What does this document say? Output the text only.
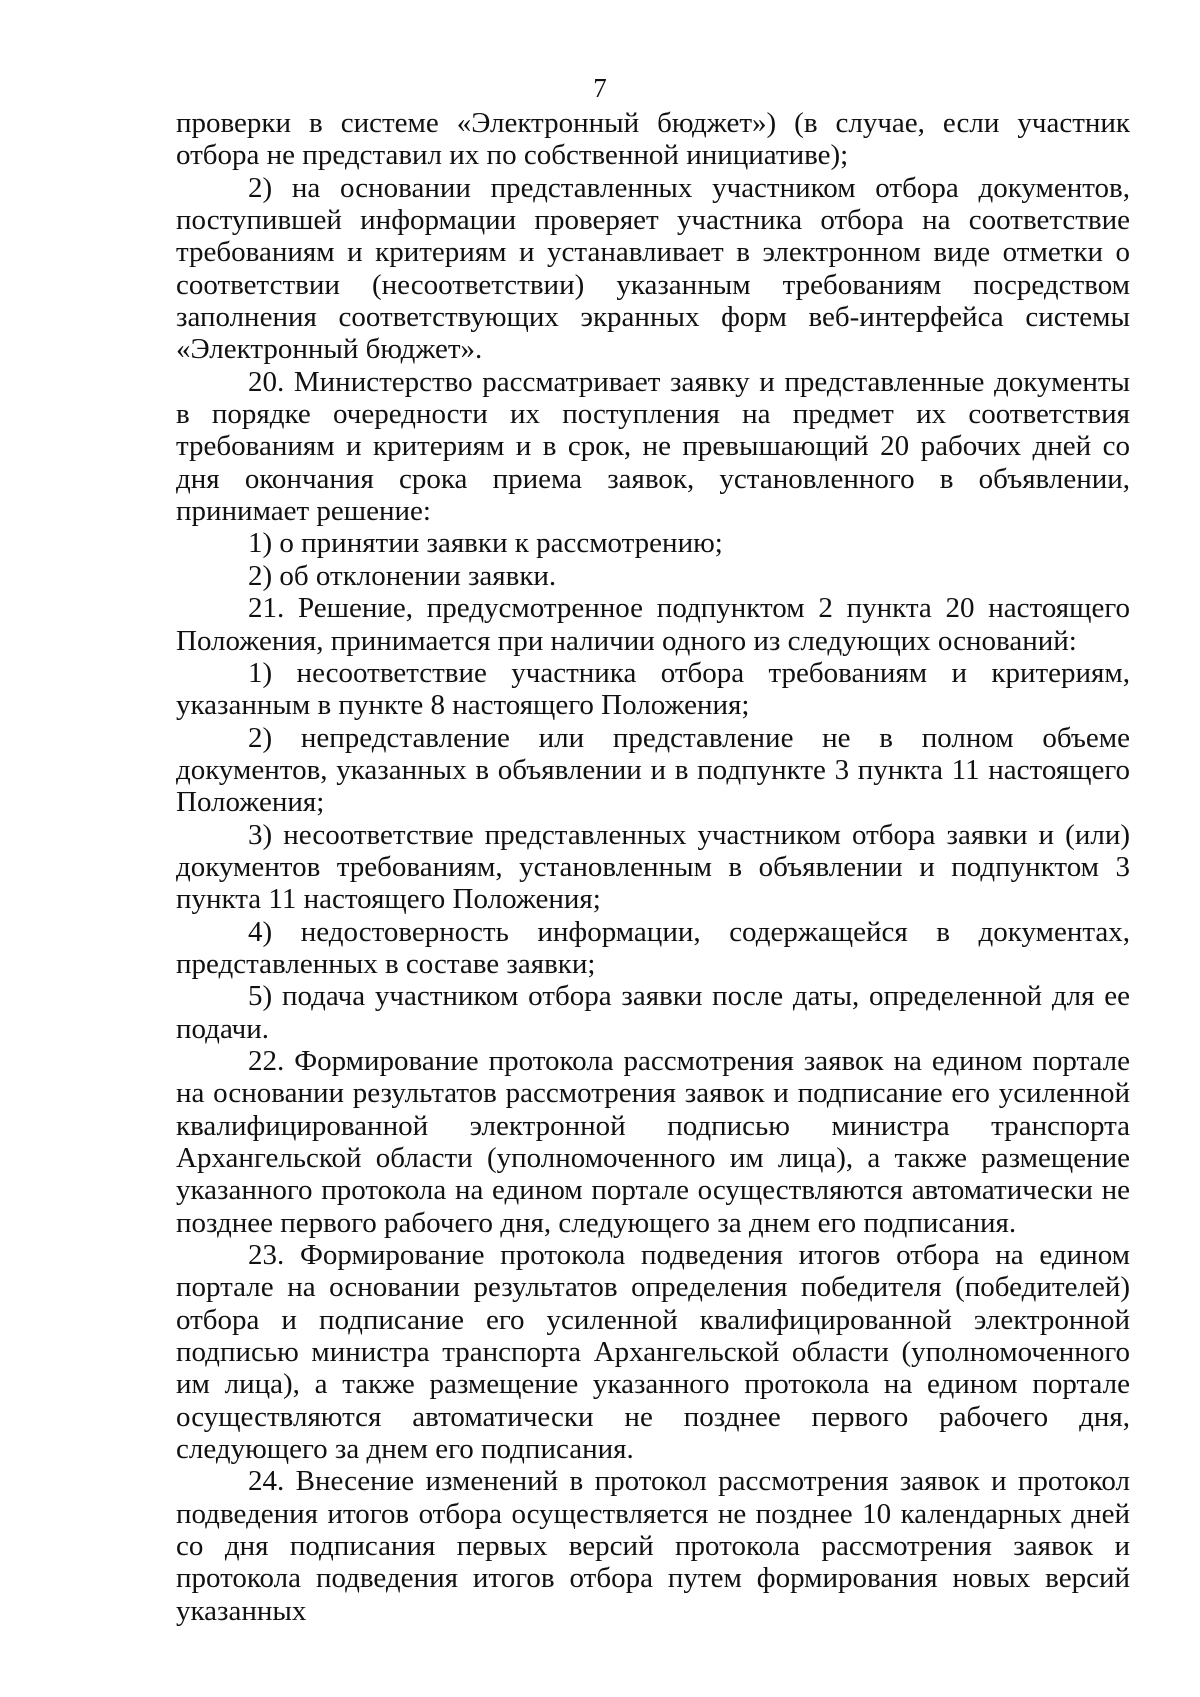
7

проверки в системе «Электронный бюджет») (в случае, если участник отбора не представил их по собственной инициативе);

2) на основании представленных участником отбора документов, поступившей информации проверяет участника отбора на соответствие требованиям и критериям и устанавливает в электронном виде отметки о соответствии (несоответствии) указанным требованиям посредством заполнения соответствующих экранных форм веб-интерфейса системы «Электронный бюджет».

20. Министерство рассматривает заявку и представленные документы в порядке очередности их поступления на предмет их соответствия требованиям и критериям и в срок, не превышающий 20 рабочих дней со дня окончания срока приема заявок, установленного в объявлении, принимает решение:

1) о принятии заявки к рассмотрению;

2) об отклонении заявки.

21. Решение, предусмотренное подпунктом 2 пункта 20 настоящего Положения, принимается при наличии одного из следующих оснований:

1) несоответствие участника отбора требованиям и критериям, указанным в пункте 8 настоящего Положения;

2) непредставление или представление не в полном объеме документов, указанных в объявлении и в подпункте 3 пункта 11 настоящего Положения;

3) несоответствие представленных участником отбора заявки и (или) документов требованиям, установленным в объявлении и подпунктом 3 пункта 11 настоящего Положения;

4) недостоверность информации, содержащейся в документах, представленных в составе заявки;

5) подача участником отбора заявки после даты, определенной для ее подачи.

22. Формирование протокола рассмотрения заявок на едином портале на основании результатов рассмотрения заявок и подписание его усиленной квалифицированной электронной подписью министра транспорта Архангельской области (уполномоченного им лица), а также размещение указанного протокола на едином портале осуществляются автоматически не позднее первого рабочего дня, следующего за днем его подписания.

23. Формирование протокола подведения итогов отбора на едином портале на основании результатов определения победителя (победителей) отбора и подписание его усиленной квалифицированной электронной подписью министра транспорта Архангельской области (уполномоченного им лица), а также размещение указанного протокола на едином портале осуществляются автоматически не позднее первого рабочего дня, следующего за днем его подписания.

24. Внесение изменений в протокол рассмотрения заявок и протокол подведения итогов отбора осуществляется не позднее 10 календарных дней со дня подписания первых версий протокола рассмотрения заявок и протокола подведения итогов отбора путем формирования новых версий указанных
